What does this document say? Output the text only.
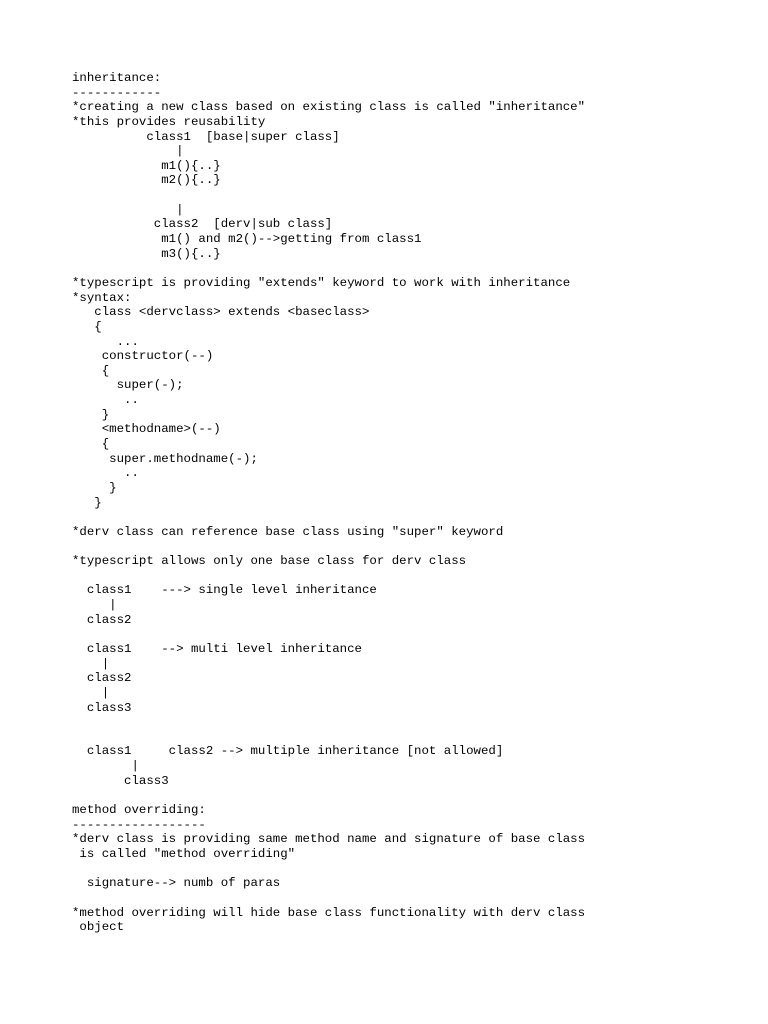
inheritance:
------------
*creating a new class based on existing class is called "inheritance"
*this provides reusability
class1  [base|super class]
|
m1(){..}
m2(){..}
|
class2  [derv|sub class]
m1() and m2()-->getting from class1
m3(){..}
*typescript is providing "extends" keyword to work with inheritance
*syntax:
class <dervclass> extends <baseclass>
{
...
constructor(--)
{
super(-);
..
}
<methodname>(--)
{
super.methodname(-);
..
}
}
*derv class can reference base class using "super" keyword
*typescript allows only one base class for derv class
class1    ---> single level inheritance
|
class2
class1    --> multi level inheritance
|
class2
|
class3
class1     class2 --> multiple inheritance [not allowed]
|
class3
method overriding:
------------------
*derv class is providing same method name and signature of base class
is called "method overriding"
signature--> numb of paras
*method overriding will hide base class functionality with derv class
object
